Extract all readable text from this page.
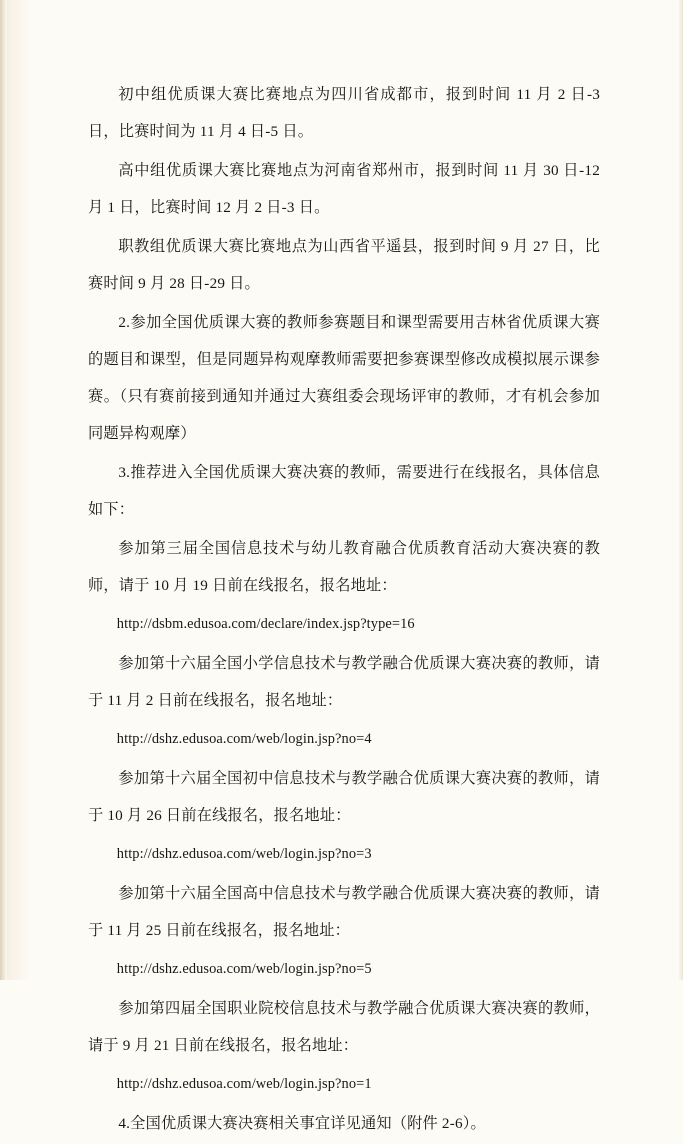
初中组优质课大赛比赛地点为四川省成都市，报到时间 11 月 2 日-3 日，比赛时间为 11 月 4 日-5 日。

高中组优质课大赛比赛地点为河南省郑州市，报到时间 11 月 30 日-12 月 1 日，比赛时间 12 月 2 日-3 日。

职教组优质课大赛比赛地点为山西省平遥县，报到时间 9 月 27 日，比赛时间 9 月 28 日-29 日。

2.参加全国优质课大赛的教师参赛题目和课型需要用吉林省优质课大赛的题目和课型，但是同题异构观摩教师需要把参赛课型修改成模拟展示课参赛。（只有赛前接到通知并通过大赛组委会现场评审的教师，才有机会参加同题异构观摩）

3.推荐进入全国优质课大赛决赛的教师，需要进行在线报名，具体信息如下：

参加第三届全国信息技术与幼儿教育融合优质教育活动大赛决赛的教师，请于 10 月 19 日前在线报名，报名地址：

http://dsbm.edusoa.com/declare/index.jsp?type=16

参加第十六届全国小学信息技术与教学融合优质课大赛决赛的教师，请于 11 月 2 日前在线报名，报名地址：

http://dshz.edusoa.com/web/login.jsp?no=4

参加第十六届全国初中信息技术与教学融合优质课大赛决赛的教师，请于 10 月 26 日前在线报名，报名地址：

http://dshz.edusoa.com/web/login.jsp?no=3

参加第十六届全国高中信息技术与教学融合优质课大赛决赛的教师，请于 11 月 25 日前在线报名，报名地址：

http://dshz.edusoa.com/web/login.jsp?no=5

参加第四届全国职业院校信息技术与教学融合优质课大赛决赛的教师，请于 9 月 21 日前在线报名，报名地址：

http://dshz.edusoa.com/web/login.jsp?no=1

4.全国优质课大赛决赛相关事宜详见通知（附件 2-6）。
